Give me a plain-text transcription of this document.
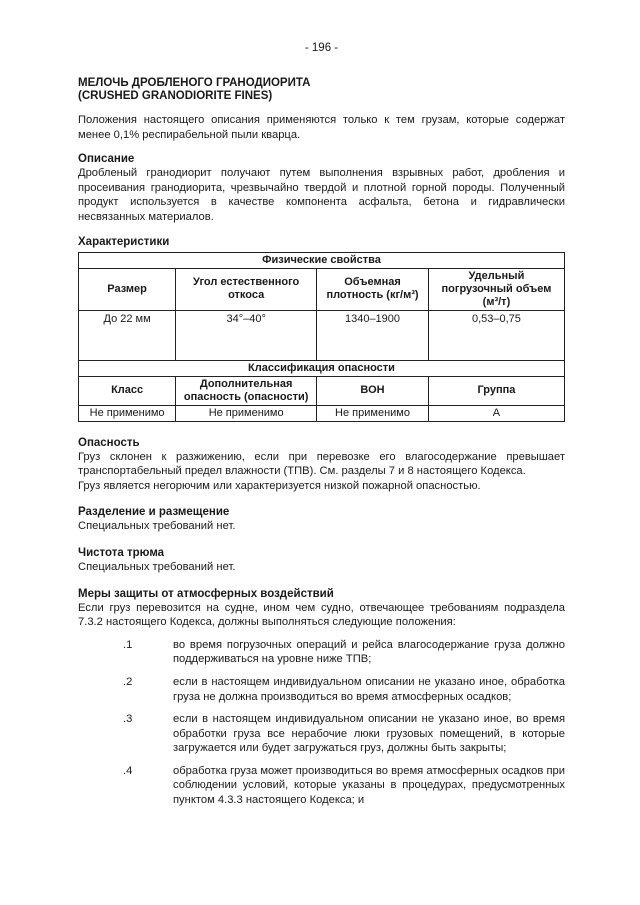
- 196 -
МЕЛОЧЬ ДРОБЛЕНОГО ГРАНОДИОРИТА
(CRUSHED GRANODIORITE FINES)

Положения настоящего описания применяются только к тем грузам, которые содержат менее 0,1% респирабельной пыли кварца.

Описание

Дробленый гранодиорит получают путем выполнения взрывных работ, дробления и просеивания гранодиорита, чрезвычайно твердой и плотной горной породы. Полученный продукт используется в качестве компонента асфальта, бетона и гидравлически несвязанных материалов.

Характеристики
Физические свойства			
Размер	Угол естественного откоса	Объемная плотность (кг/м³)	Удельный погрузочный объем (м³/т)
До 22 мм	34°–40°	1340–1900	0,53–0,75
Классификация опасности			
Класс	Дополнительная опасность (опасности)	ВОН	Группа
Не применимо	Не применимо	Не применимо	A
Опасность

Груз склонен к разжижению, если при перевозке его влагосодержание превышает транспортабельный предел влажности (ТПВ). См. разделы 7 и 8 настоящего Кодекса.

Груз является негорючим или характеризуется низкой пожарной опасностью.

Разделение и размещение

Специальных требований нет.

Чистота трюма

Специальных требований нет.

Меры защиты от атмосферных воздействий

Если груз перевозится на судне, ином чем судно, отвечающее требованиям подраздела 7.3.2 настоящего Кодекса, должны выполняться следующие положения:

.1	во время погрузочных операций и рейса влагосодержание груза должно поддерживаться на уровне ниже ТПВ;
.2	если в настоящем индивидуальном описании не указано иное, обработка груза не должна производиться во время атмосферных осадков;
.3	если в настоящем индивидуальном описании не указано иное, во время обработки груза все нерабочие люки грузовых помещений, в которые загружается или будет загружаться груз, должны быть закрыты;
.4	обработка груза может производиться во время атмосферных осадков при соблюдении условий, которые указаны в процедурах, предусмотренных пунктом 4.3.3 настоящего Кодекса; и
